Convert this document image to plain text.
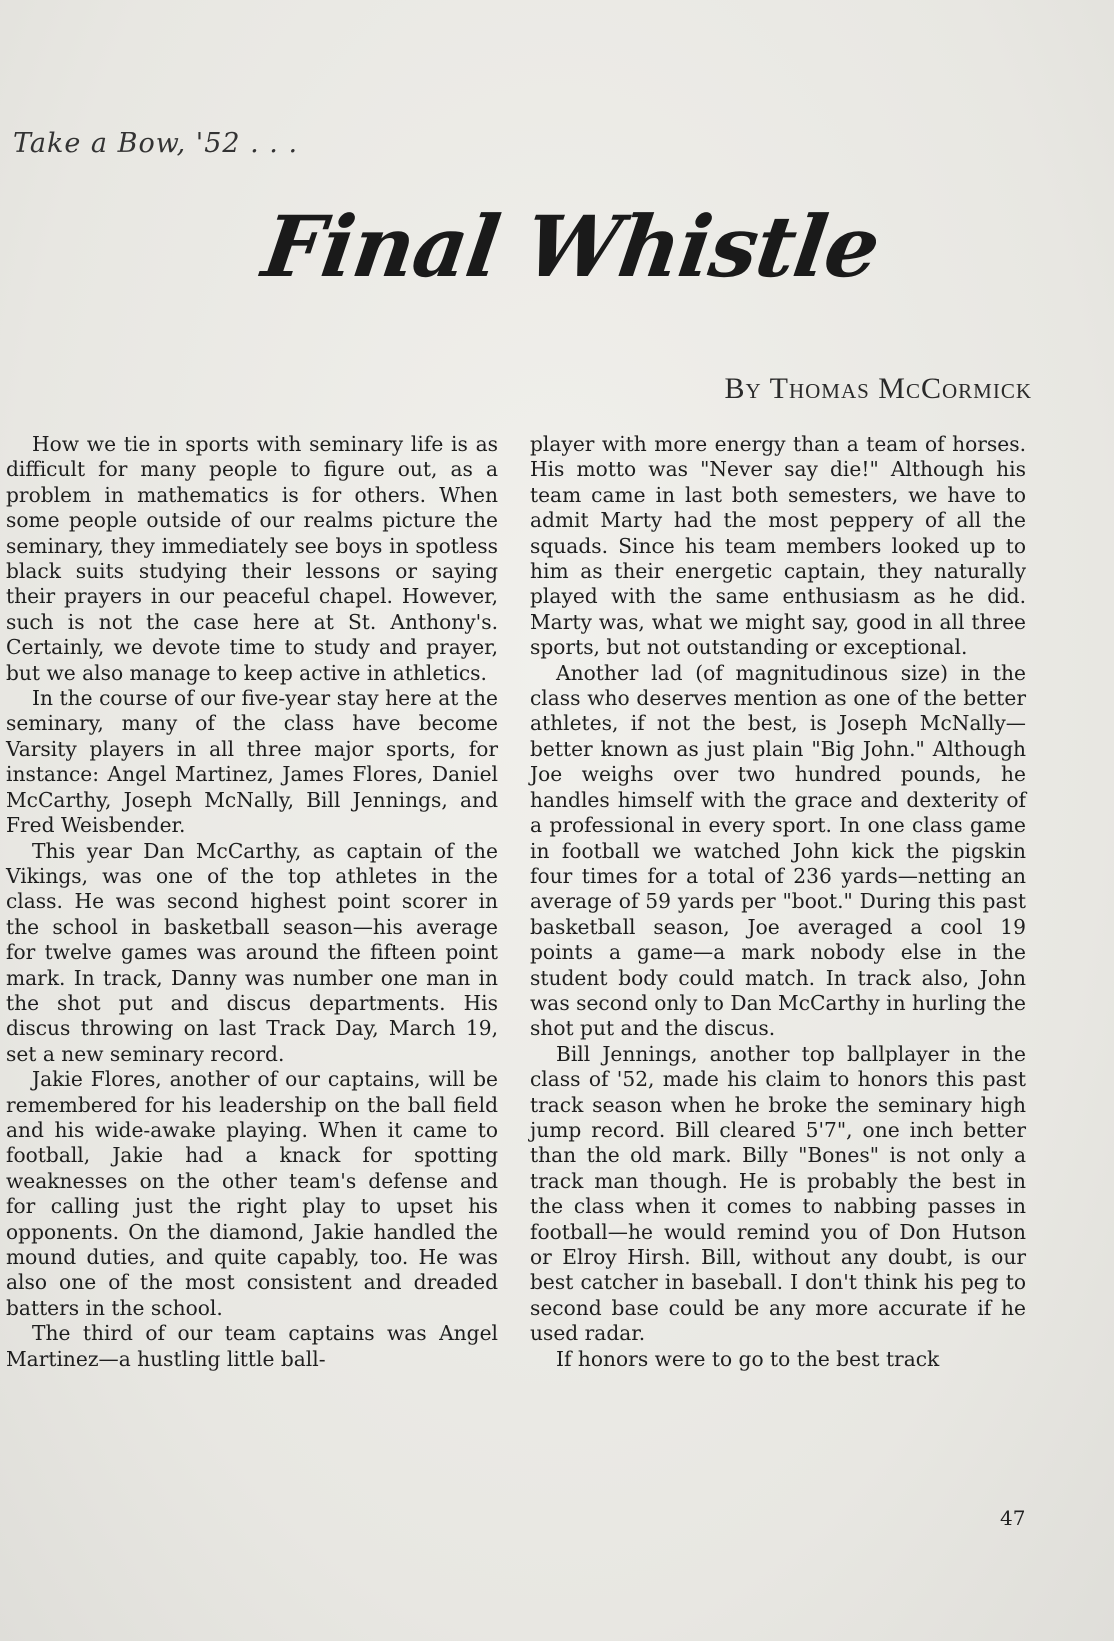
Take a Bow, '52 . . .
Final Whistle
By Thomas McCormick

How we tie in sports with seminary life is as difficult for many people to figure out, as a problem in mathematics is for others. When some people outside of our realms picture the seminary, they immediately see boys in spotless black suits studying their lessons or saying their prayers in our peaceful chapel. However, such is not the case here at St. Anthony's. Certainly, we devote time to study and prayer, but we also manage to keep active in athletics.

In the course of our five-year stay here at the seminary, many of the class have become Varsity players in all three major sports, for instance: Angel Martinez, James Flores, Daniel McCarthy, Joseph McNally, Bill Jennings, and Fred Weisbender.

This year Dan McCarthy, as captain of the Vikings, was one of the top athletes in the class. He was second highest point scorer in the school in basketball season—his average for twelve games was around the fifteen point mark. In track, Danny was number one man in the shot put and discus departments. His discus throwing on last Track Day, March 19, set a new seminary record.

Jakie Flores, another of our captains, will be remembered for his leadership on the ball field and his wide-awake playing. When it came to football, Jakie had a knack for spotting weaknesses on the other team's defense and for calling just the right play to upset his opponents. On the diamond, Jakie handled the mound duties, and quite capably, too. He was also one of the most consistent and dreaded batters in the school.

The third of our team captains was Angel Martinez—a hustling little ball-

player with more energy than a team of horses. His motto was "Never say die!" Although his team came in last both semesters, we have to admit Marty had the most peppery of all the squads. Since his team members looked up to him as their energetic captain, they naturally played with the same enthusiasm as he did. Marty was, what we might say, good in all three sports, but not outstanding or exceptional.

Another lad (of magnitudinous size) in the class who deserves mention as one of the better athletes, if not the best, is Joseph McNally—better known as just plain "Big John." Although Joe weighs over two hundred pounds, he handles himself with the grace and dexterity of a professional in every sport. In one class game in football we watched John kick the pigskin four times for a total of 236 yards—netting an average of 59 yards per "boot." During this past basketball season, Joe averaged a cool 19 points a game—a mark nobody else in the student body could match. In track also, John was second only to Dan McCarthy in hurling the shot put and the discus.

Bill Jennings, another top ballplayer in the class of '52, made his claim to honors this past track season when he broke the seminary high jump record. Bill cleared 5'7", one inch better than the old mark. Billy "Bones" is not only a track man though. He is probably the best in the class when it comes to nabbing passes in football—he would remind you of Don Hutson or Elroy Hirsh. Bill, without any doubt, is our best catcher in baseball. I don't think his peg to second base could be any more accurate if he used radar.

If honors were to go to the best track

47
